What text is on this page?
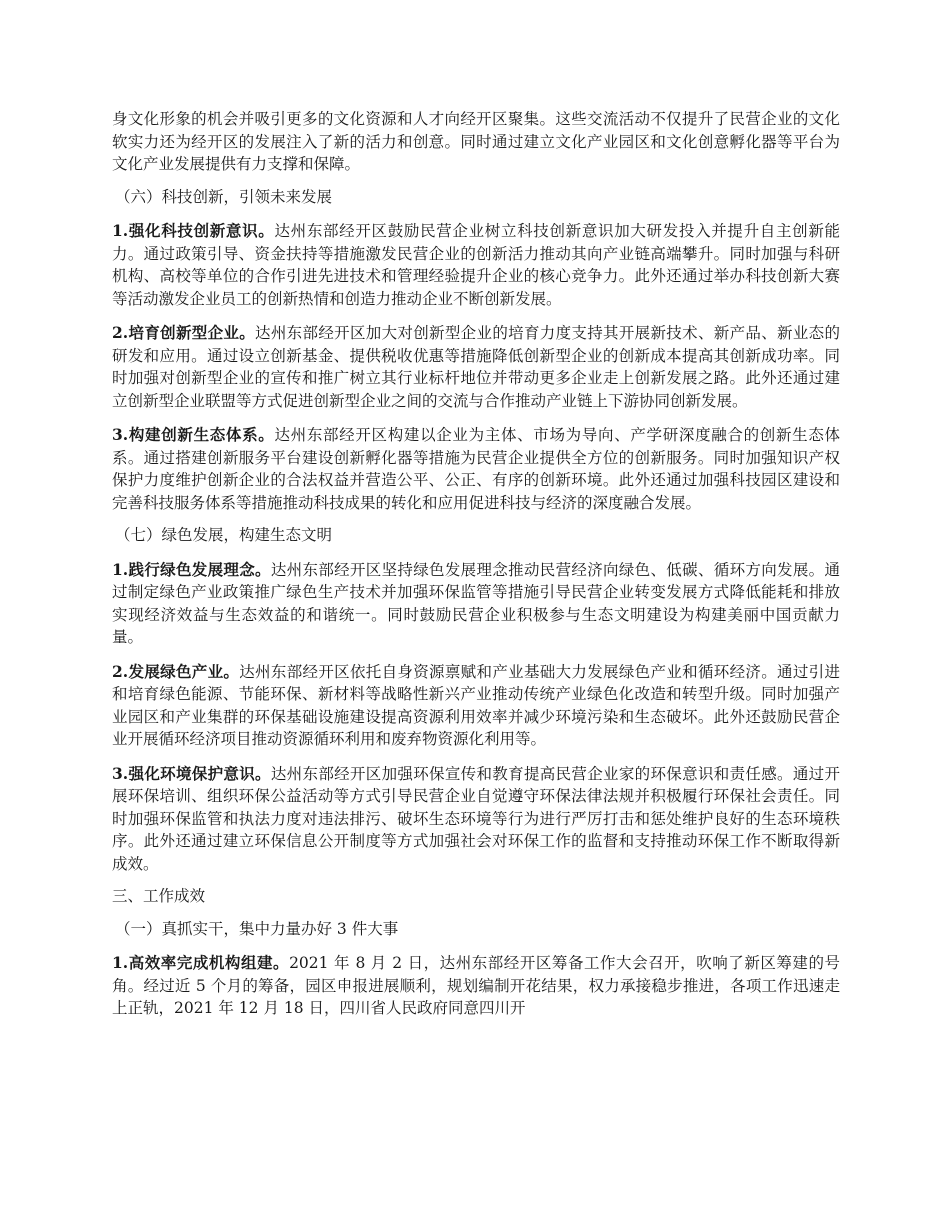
身文化形象的机会并吸引更多的文化资源和人才向经开区聚集。这些交流活动不仅提升了民营企业的文化软实力还为经开区的发展注入了新的活力和创意。同时通过建立文化产业园区和文化创意孵化器等平台为文化产业发展提供有力支撑和保障。

（六）科技创新，引领未来发展

1.强化科技创新意识。达州东部经开区鼓励民营企业树立科技创新意识加大研发投入并提升自主创新能力。通过政策引导、资金扶持等措施激发民营企业的创新活力推动其向产业链高端攀升。同时加强与科研机构、高校等单位的合作引进先进技术和管理经验提升企业的核心竞争力。此外还通过举办科技创新大赛等活动激发企业员工的创新热情和创造力推动企业不断创新发展。

2.培育创新型企业。达州东部经开区加大对创新型企业的培育力度支持其开展新技术、新产品、新业态的研发和应用。通过设立创新基金、提供税收优惠等措施降低创新型企业的创新成本提高其创新成功率。同时加强对创新型企业的宣传和推广树立其行业标杆地位并带动更多企业走上创新发展之路。此外还通过建立创新型企业联盟等方式促进创新型企业之间的交流与合作推动产业链上下游协同创新发展。

3.构建创新生态体系。达州东部经开区构建以企业为主体、市场为导向、产学研深度融合的创新生态体系。通过搭建创新服务平台建设创新孵化器等措施为民营企业提供全方位的创新服务。同时加强知识产权保护力度维护创新企业的合法权益并营造公平、公正、有序的创新环境。此外还通过加强科技园区建设和完善科技服务体系等措施推动科技成果的转化和应用促进科技与经济的深度融合发展。

（七）绿色发展，构建生态文明

1.践行绿色发展理念。达州东部经开区坚持绿色发展理念推动民营经济向绿色、低碳、循环方向发展。通过制定绿色产业政策推广绿色生产技术并加强环保监管等措施引导民营企业转变发展方式降低能耗和排放实现经济效益与生态效益的和谐统一。同时鼓励民营企业积极参与生态文明建设为构建美丽中国贡献力量。

2.发展绿色产业。达州东部经开区依托自身资源禀赋和产业基础大力发展绿色产业和循环经济。通过引进和培育绿色能源、节能环保、新材料等战略性新兴产业推动传统产业绿色化改造和转型升级。同时加强产业园区和产业集群的环保基础设施建设提高资源利用效率并减少环境污染和生态破坏。此外还鼓励民营企业开展循环经济项目推动资源循环利用和废弃物资源化利用等。

3.强化环境保护意识。达州东部经开区加强环保宣传和教育提高民营企业家的环保意识和责任感。通过开展环保培训、组织环保公益活动等方式引导民营企业自觉遵守环保法律法规并积极履行环保社会责任。同时加强环保监管和执法力度对违法排污、破坏生态环境等行为进行严厉打击和惩处维护良好的生态环境秩序。此外还通过建立环保信息公开制度等方式加强社会对环保工作的监督和支持推动环保工作不断取得新成效。

三、工作成效

（一）真抓实干，集中力量办好 3 件大事

1.高效率完成机构组建。2021 年 8 月 2 日，达州东部经开区筹备工作大会召开，吹响了新区筹建的号角。经过近 5 个月的筹备，园区申报进展顺利，规划编制开花结果，权力承接稳步推进，各项工作迅速走上正轨，2021 年 12 月 18 日，四川省人民政府同意四川开
